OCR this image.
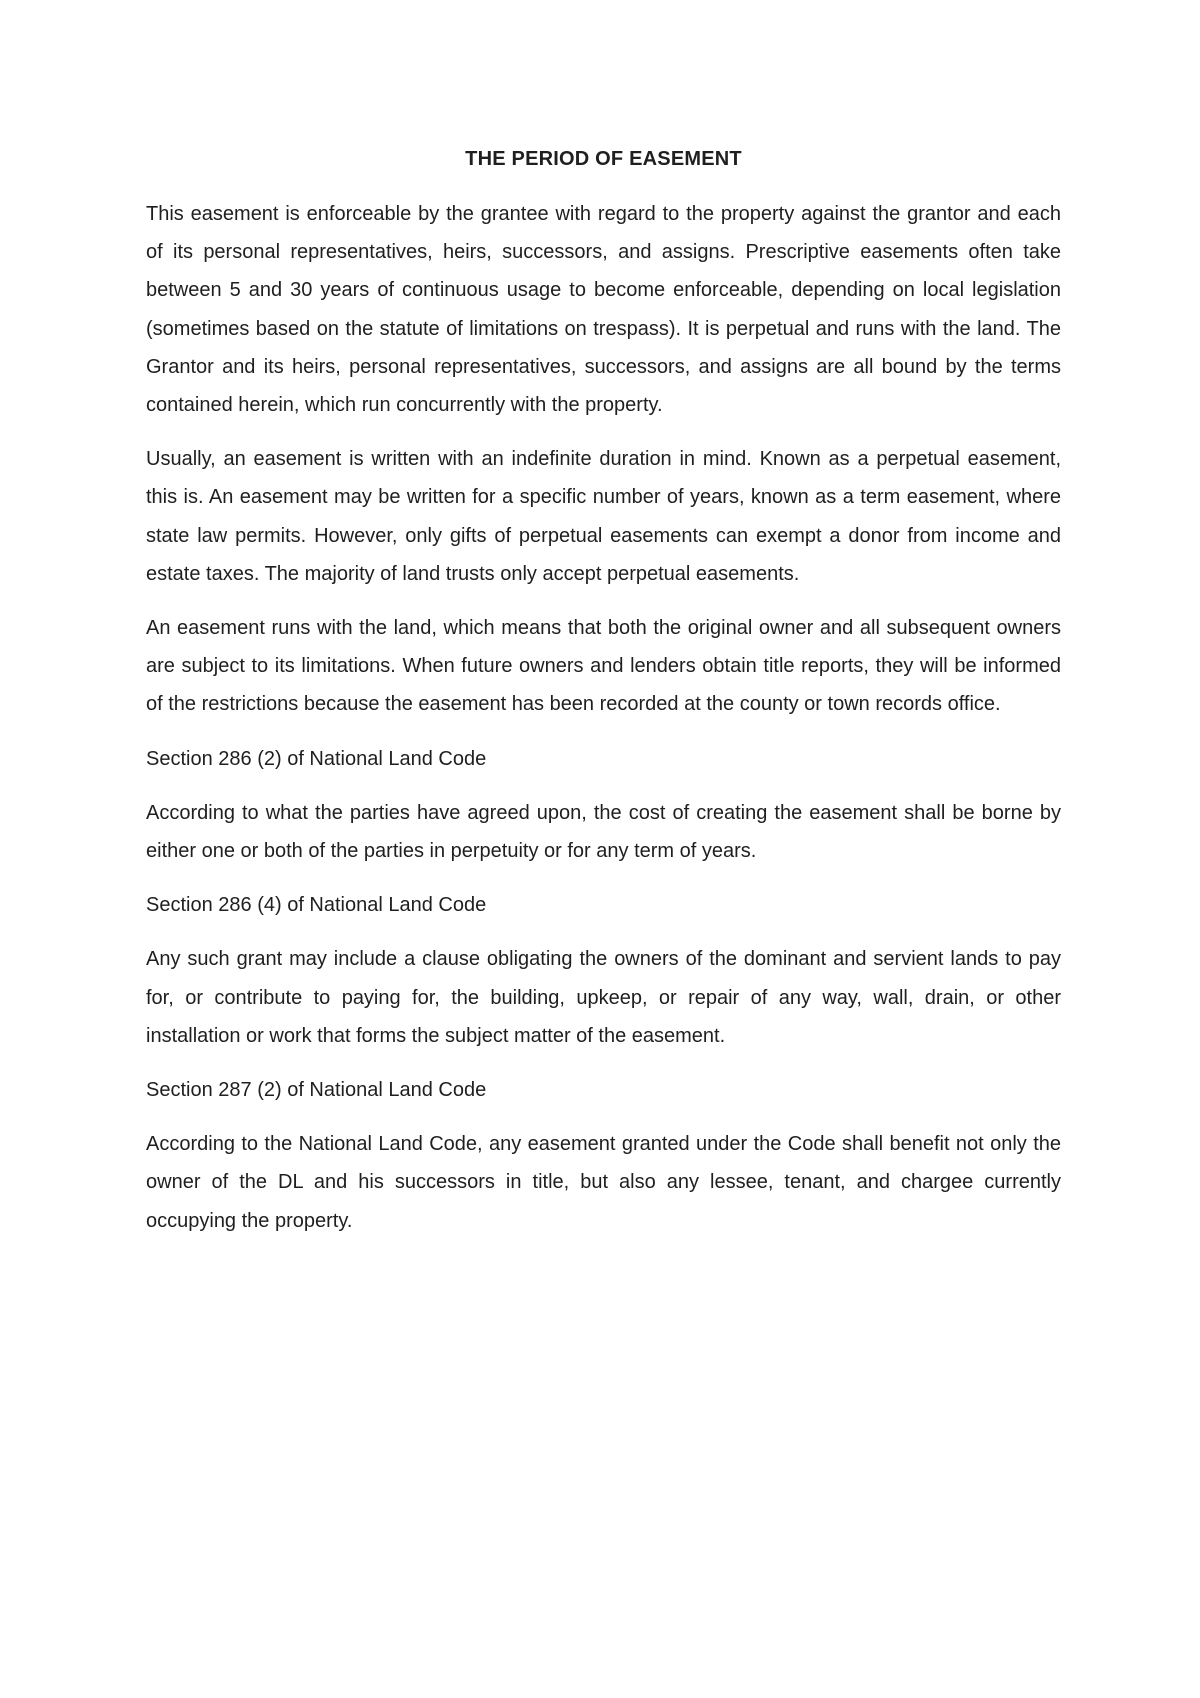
THE PERIOD OF EASEMENT

This easement is enforceable by the grantee with regard to the property against the grantor and each of its personal representatives, heirs, successors, and assigns. Prescriptive easements often take between 5 and 30 years of continuous usage to become enforceable, depending on local legislation (sometimes based on the statute of limitations on trespass). It is perpetual and runs with the land. The Grantor and its heirs, personal representatives, successors, and assigns are all bound by the terms contained herein, which run concurrently with the property.

Usually, an easement is written with an indefinite duration in mind. Known as a perpetual easement, this is. An easement may be written for a specific number of years, known as a term easement, where state law permits. However, only gifts of perpetual easements can exempt a donor from income and estate taxes. The majority of land trusts only accept perpetual easements.

An easement runs with the land, which means that both the original owner and all subsequent owners are subject to its limitations. When future owners and lenders obtain title reports, they will be informed of the restrictions because the easement has been recorded at the county or town records office.

Section 286 (2) of National Land Code

According to what the parties have agreed upon, the cost of creating the easement shall be borne by either one or both of the parties in perpetuity or for any term of years.

Section 286 (4) of National Land Code

Any such grant may include a clause obligating the owners of the dominant and servient lands to pay for, or contribute to paying for, the building, upkeep, or repair of any way, wall, drain, or other installation or work that forms the subject matter of the easement.

Section 287 (2) of National Land Code

According to the National Land Code, any easement granted under the Code shall benefit not only the owner of the DL and his successors in title, but also any lessee, tenant, and chargee currently occupying the property.
